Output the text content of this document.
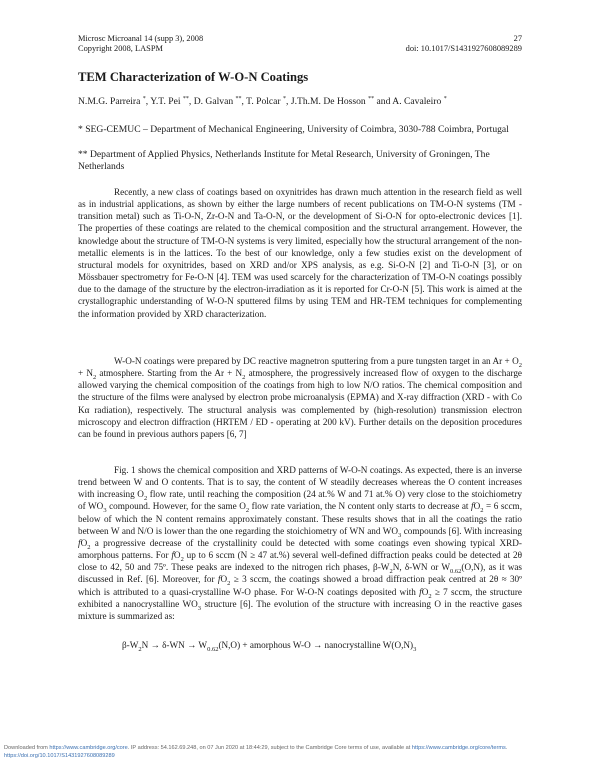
Microsc Microanal 14 (supp 3), 2008
Copyright 2008, LASPM
27
doi: 10.1017/S1431927608089289
TEM Characterization of W-O-N Coatings
N.M.G. Parreira *, Y.T. Pei **, D. Galvan **, T. Polcar *, J.Th.M. De Hosson ** and A. Cavaleiro *
* SEG-CEMUC – Department of Mechanical Engineering, University of Coimbra, 3030-788 Coimbra, Portugal
** Department of Applied Physics, Netherlands Institute for Metal Research, University of Groningen, The Netherlands

Recently, a new class of coatings based on oxynitrides has drawn much attention in the research field as well as in industrial applications, as shown by either the large numbers of recent publications on TM-O-N systems (TM - transition metal) such as Ti-O-N, Zr-O-N and Ta-O-N, or the development of Si-O-N for opto-electronic devices [1]. The properties of these coatings are related to the chemical composition and the structural arrangement. However, the knowledge about the structure of TM-O-N systems is very limited, especially how the structural arrangement of the non-metallic elements is in the lattices. To the best of our knowledge, only a few studies exist on the development of structural models for oxynitrides, based on XRD and/or XPS analysis, as e.g. Si-O-N [2] and Ti-O-N [3], or on Mössbauer spectrometry for Fe-O-N [4]. TEM was used scarcely for the characterization of TM-O-N coatings possibly due to the damage of the structure by the electron-irradiation as it is reported for Cr-O-N [5]. This work is aimed at the crystallographic understanding of W-O-N sputtered films by using TEM and HR-TEM techniques for complementing the information provided by XRD characterization.

W-O-N coatings were prepared by DC reactive magnetron sputtering from a pure tungsten target in an $Ar + O_2 + N_2$ atmosphere. Starting from the $Ar + N_2$ atmosphere, the progressively increased flow of oxygen to the discharge allowed varying the chemical composition of the coatings from high to low N/O ratios. The chemical composition and the structure of the films were analysed by electron probe microanalysis (EPMA) and X-ray diffraction (XRD - with Co Kα radiation), respectively. The structural analysis was complemented by (high-resolution) transmission electron microscopy and electron diffraction (HRTEM / ED - operating at 200 kV). Further details on the deposition procedures can be found in previous authors papers [6, 7]

Fig. 1 shows the chemical composition and XRD patterns of W-O-N coatings. As expected, there is an inverse trend between W and O contents. That is to say, the content of W steadily decreases whereas the O content increases with increasing $O_2$ flow rate, until reaching the composition (24 at.% W and 71 at.% O) very close to the stoichiometry of $WO_3$ compound. However, for the same $O_2$ flow rate variation, the N content only starts to decrease at $fO_2 = 6$ sccm, below of which the N content remains approximately constant. These results shows that in all the coatings the ratio between W and N/O is lower than the one regarding the stoichiometry of WN and $WO_3$ compounds [6]. With increasing $fO_2$ a progressive decrease of the crystallinity could be detected with some coatings even showing typical XRD-amorphous patterns. For $fO_2$ up to 6 sccm (N ≥ 47 at.%) several well-defined diffraction peaks could be detected at 2θ close to 42, 50 and 75º. These peaks are indexed to the nitrogen rich phases, $\beta-W_2N$, δ-WN or $W_{0.62}(O,N)$, as it was discussed in Ref. [6]. Moreover, for $fO_2 \ge 3$ sccm, the coatings showed a broad diffraction peak centred at 2θ ≈ 30º which is attributed to a quasi-crystalline W-O phase. For W-O-N coatings deposited with $fO_2 \ge 7$ sccm, the structure exhibited a nanocrystalline $WO_3$ structure [6]. The evolution of the structure with increasing O in the reactive gases mixture is summarized as:

$\beta-W_2N \to \delta-WN \to W_{0.62}(N,O)$ + amorphous W-O → nanocrystalline $W(O,N)_3$
Downloaded from https://www.cambridge.org/core. IP address: 54.162.69.248, on 07 Jun 2020 at 18:44:29, subject to the Cambridge Core terms of use, available at https://www.cambridge.org/core/terms.
https://doi.org/10.1017/S1431927608089289
